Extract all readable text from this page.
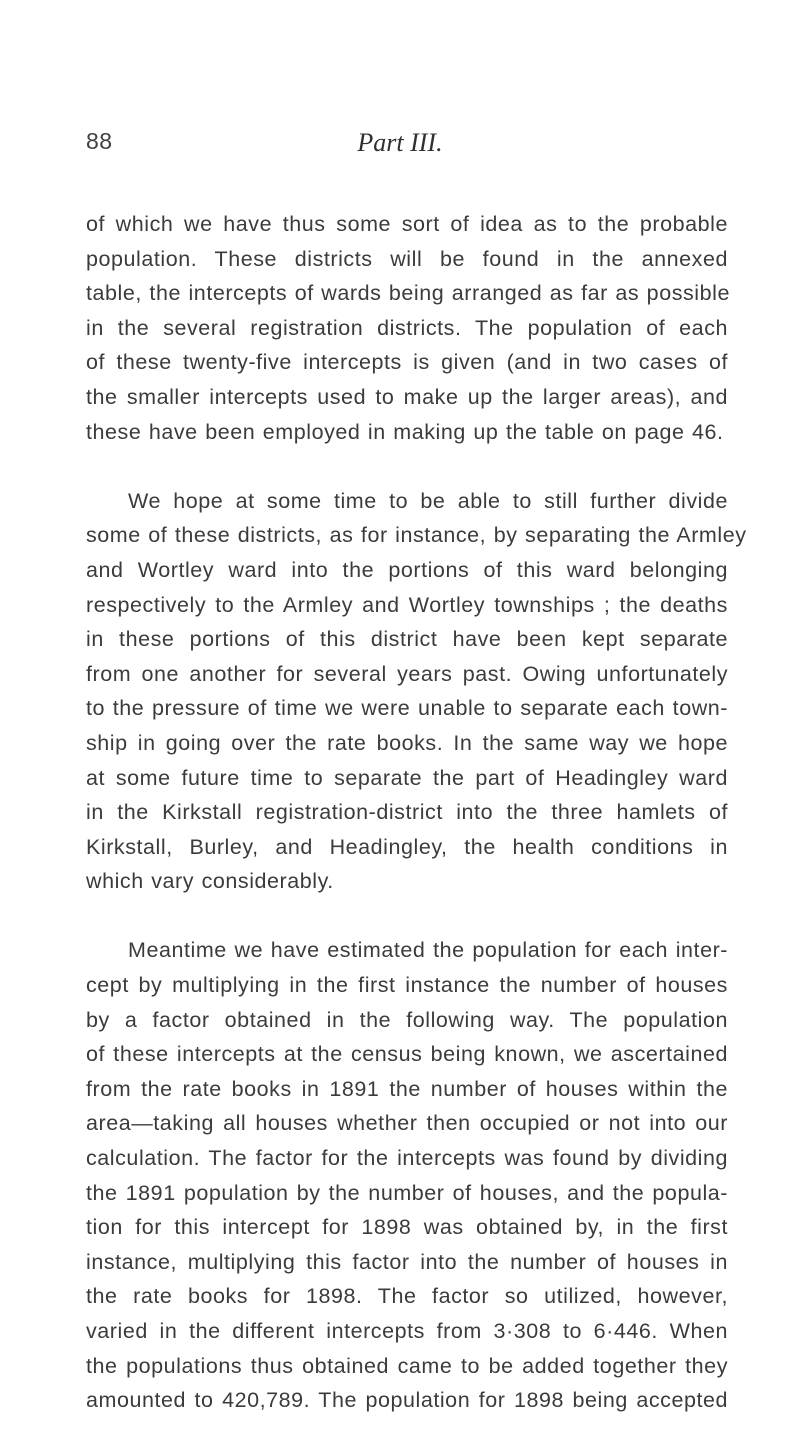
88	Part III.

of which we have thus some sort of idea as to the probable
population. These districts will be found in the annexed
table, the intercepts of wards being arranged as far as possible
in the several registration districts. The population of each
of these twenty-five intercepts is given (and in two cases of
the smaller intercepts used to make up the larger areas), and
these have been employed in making up the table on page 46.

We hope at some time to be able to still further divide
some of these districts, as for instance, by separating the Armley
and Wortley ward into the portions of this ward belonging
respectively to the Armley and Wortley townships ; the deaths
in these portions of this district have been kept separate
from one another for several years past. Owing unfortunately
to the pressure of time we were unable to separate each town-
ship in going over the rate books. In the same way we hope
at some future time to separate the part of Headingley ward
in the Kirkstall registration-district into the three hamlets of
Kirkstall, Burley, and Headingley, the health conditions in
which vary considerably.

Meantime we have estimated the population for each inter-
cept by multiplying in the first instance the number of houses
by a factor obtained in the following way. The population
of these intercepts at the census being known, we ascertained
from the rate books in 1891 the number of houses within the
area—taking all houses whether then occupied or not into our
calculation. The factor for the intercepts was found by dividing
the 1891 population by the number of houses, and the popula-
tion for this intercept for 1898 was obtained by, in the first
instance, multiplying this factor into the number of houses in
the rate books for 1898. The factor so utilized, however,
varied in the different intercepts from 3·308 to 6·446. When
the populations thus obtained came to be added together they
amounted to 420,789. The population for 1898 being accepted
